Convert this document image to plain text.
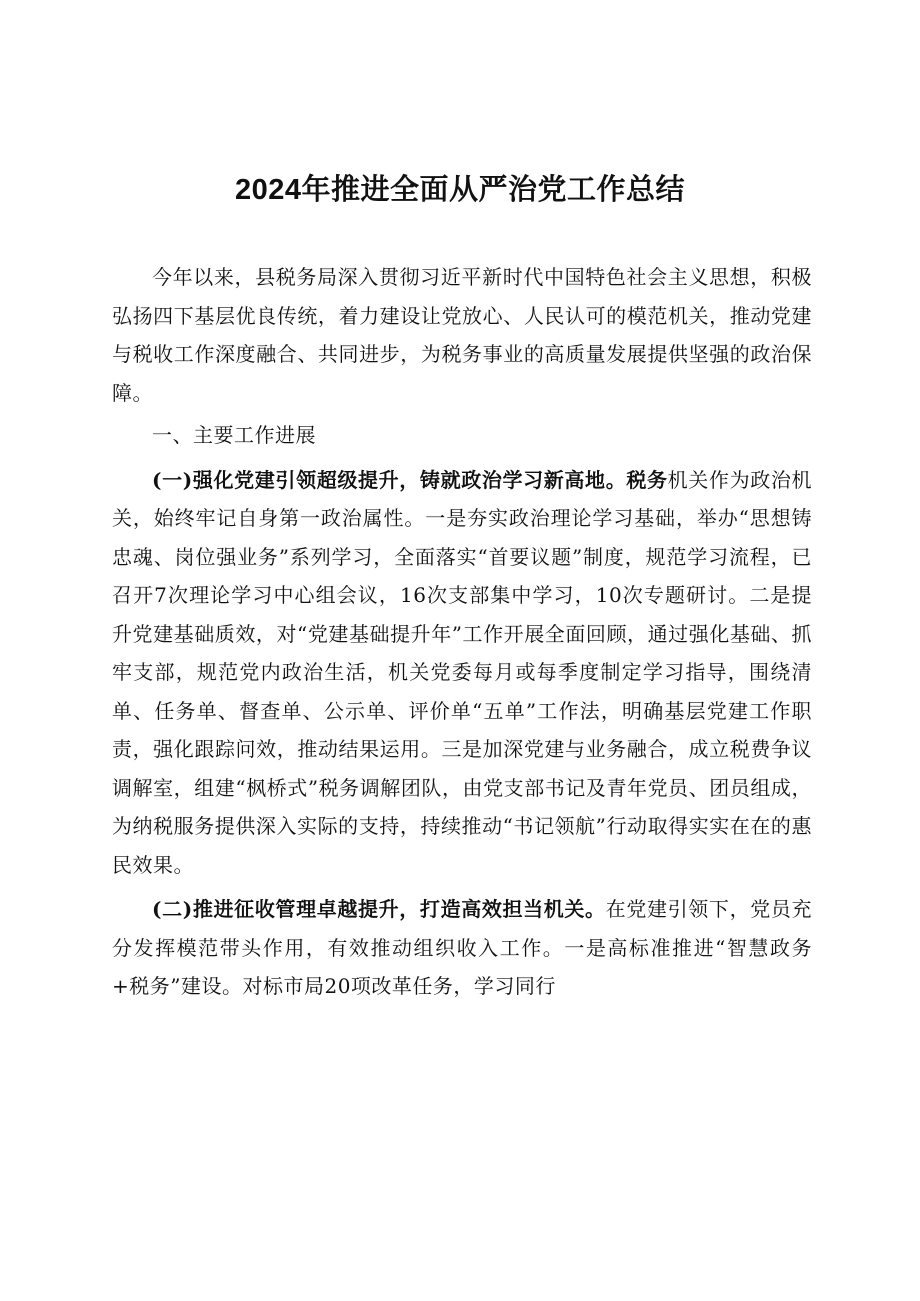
2024年推进全面从严治党工作总结

今年以来，县税务局深入贯彻习近平新时代中国特色社会主义思想，积极弘扬四下基层优良传统，着力建设让党放心、人民认可的模范机关，推动党建与税收工作深度融合、共同进步，为税务事业的高质量发展提供坚强的政治保障。

一、主要工作进展

(一)强化党建引领超级提升，铸就政治学习新高地。税务机关作为政治机关，始终牢记自身第一政治属性。一是夯实政治理论学习基础，举办“思想铸忠魂、岗位强业务”系列学习，全面落实“首要议题”制度，规范学习流程，已召开7次理论学习中心组会议，16次支部集中学习，10次专题研讨。二是提升党建基础质效，对“党建基础提升年”工作开展全面回顾，通过强化基础、抓牢支部，规范党内政治生活，机关党委每月或每季度制定学习指导，围绕清单、任务单、督查单、公示单、评价单“五单”工作法，明确基层党建工作职责，强化跟踪问效，推动结果运用。三是加深党建与业务融合，成立税费争议调解室，组建“枫桥式”税务调解团队，由党支部书记及青年党员、团员组成，为纳税服务提供深入实际的支持，持续推动“书记领航”行动取得实实在在的惠民效果。

(二)推进征收管理卓越提升，打造高效担当机关。在党建引领下，党员充分发挥模范带头作用，有效推动组织收入工作。一是高标准推进“智慧政务+税务”建设。对标市局20项改革任务，学习同行
